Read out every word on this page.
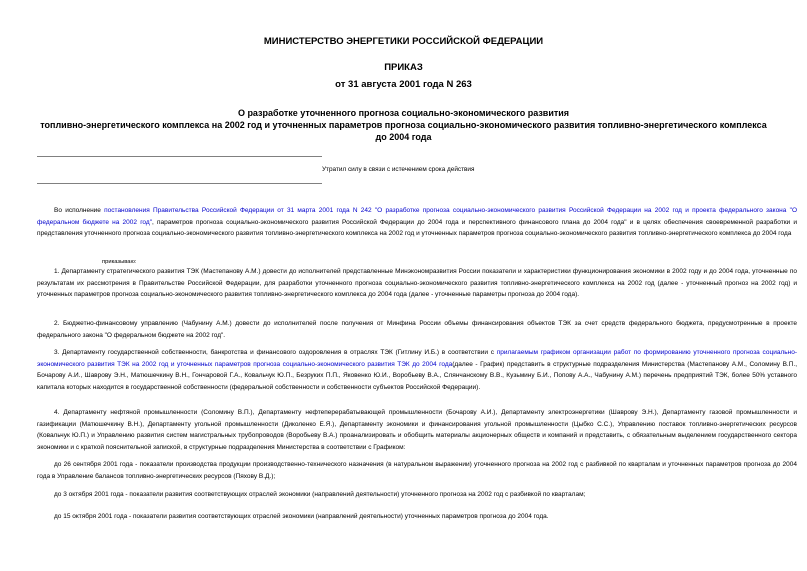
МИНИСТЕРСТВО ЭНЕРГЕТИКИ РОССИЙСКОЙ ФЕДЕРАЦИИ
ПРИКАЗ
от 31 августа 2001 года N 263
О разработке уточненного прогноза социально-экономического развития
топливно-энергетического комплекса на 2002 год и уточненных параметров прогноза социально-экономического развития топливно-энергетического комплекса
до 2004 года
Утратил силу в связи с истечением срока действия
Во исполнение постановления Правительства Российской Федерации от 31 марта 2001 года N 242 "О разработке прогноза социально-экономического развития Российской Федерации на 2002 год и проекта федерального закона "О федеральном бюджете на 2002 год", параметров прогноза социально-экономического развития Российской Федерации до 2004 года и перспективного финансового плана до 2004 года" и в целях обеспечения своевременной разработки и представления уточненного прогноза социально-экономического развития топливно-энергетического комплекса на 2002 год и уточненных параметров прогноза социально-экономического развития топливно-энергетического комплекса до 2004 года
приказываю:
1. Департаменту стратегического развития ТЭК (Мастепанову А.М.) довести до исполнителей представленные Минэкономразвития России показатели и характеристики функционирования экономики в 2002 году и до 2004 года, уточненные по результатам их рассмотрения в Правительстве Российской Федерации, для разработки уточненного прогноза социально-экономического развития топливно-энергетического комплекса на 2002 год (далее - уточненный прогноз на 2002 год) и уточненных параметров прогноза социально-экономического развития топливно-энергетического комплекса до 2004 года (далее - уточненные параметры прогноза до 2004 года).
2. Бюджетно-финансовому управлению (Чабунину А.М.) довести до исполнителей после получения от Минфина России объемы финансирования объектов ТЭК за счет средств федерального бюджета, предусмотренные в проекте федерального закона "О федеральном бюджете на 2002 год".
3. Департаменту государственной собственности, банкротства и финансового оздоровления в отраслях ТЭК (Гитлину И.Б.) в соответствии с прилагаемым графиком организации работ по формированию уточненного прогноза социально-экономического развития ТЭК на 2002 год и уточненных параметров прогноза социально-экономического развития ТЭК до 2004 года(далее - График) представить в структурные подразделения Министерства (Мастепанову А.М., Соломину В.П., Бочарову А.И., Шаврову Э.Н., Матюшечкину В.Н., Гончаровой Г.А., Ковальчук Ю.П., Безруких П.П., Яковенко Ю.И., Воробьеву В.А., Слянчанскому В.В., Кузьмину Б.И., Попову А.А., Чабунину А.М.) перечень предприятий ТЭК, более 50% уставного капитала которых находится в государственной собственности (федеральной собственности и собственности субъектов Российской Федерации).
4. Департаменту нефтяной промышленности (Соломину В.П.), Департаменту нефтеперерабатывающей промышленности (Бочарову А.И.), Департаменту электроэнергетики (Шаврову Э.Н.), Департаменту газовой промышленности и газификации (Матюшечкину В.Н.), Департаменту угольной промышленности (Диколенко Е.Я.), Департаменту экономики и финансирования угольной промышленности (Цыбко С.С.), Управлению поставок топливно-энергетических ресурсов (Ковальчук Ю.П.) и Управлению развития систем магистральных трубопроводов (Воробьеву В.А.) проанализировать и обобщить материалы акционерных обществ и компаний и представить, с обязательным выделением государственного сектора экономики и с краткой пояснительной запиской, в структурные подразделения Министерства в соответствии с Графиком:
до 26 сентября 2001 года - показатели производства продукции производственно-технического назначения (в натуральном выражении) уточненного прогноза на 2002 год с разбивкой по кварталам и уточненных параметров прогноза до 2004 года в Управление балансов топливно-энергетических ресурсов (Пяхову В.Д.);
до 3 октября 2001 года - показатели развития соответствующих отраслей экономики (направлений деятельности) уточненного прогноза на 2002 год с разбивкой по кварталам;
до 15 октября 2001 года - показатели развития соответствующих отраслей экономики (направлений деятельности) уточненных параметров прогноза до 2004 года.
